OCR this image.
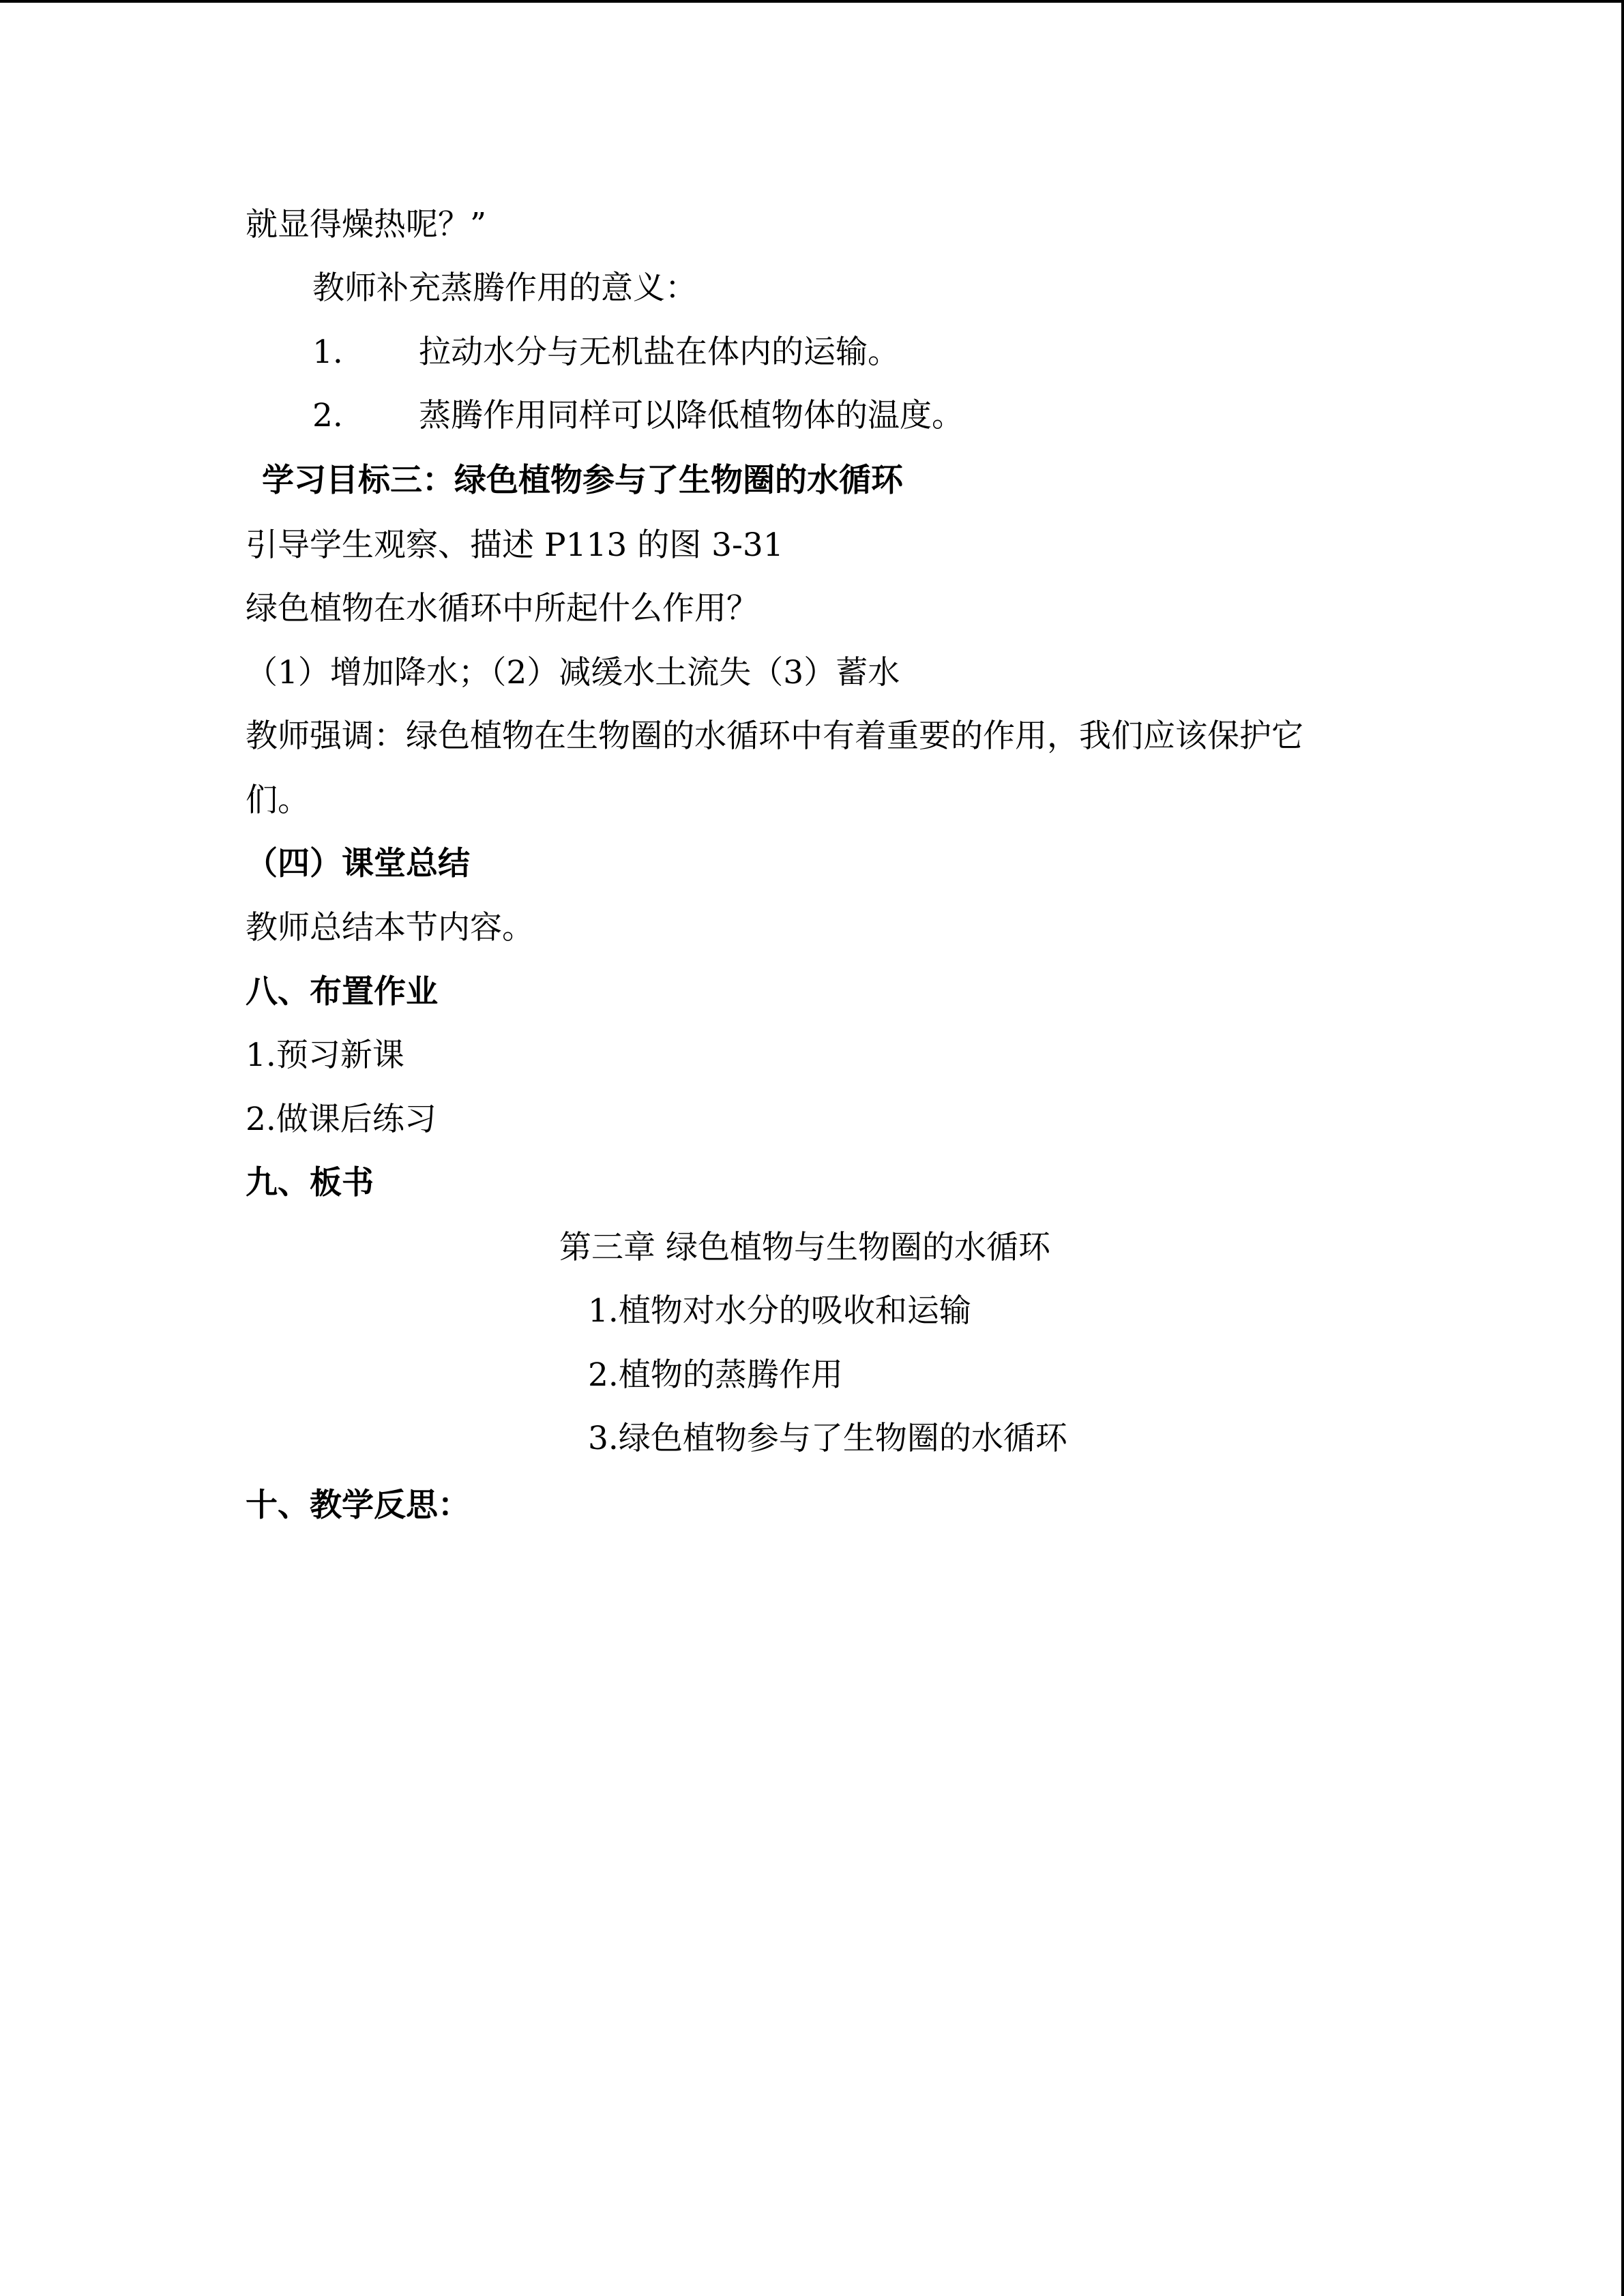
就显得燥热呢？”
教师补充蒸腾作用的意义：
1. 拉动水分与无机盐在体内的运输。
2. 蒸腾作用同样可以降低植物体的温度。
学习目标三：绿色植物参与了生物圈的水循环
引导学生观察、描述 P113 的图 3-31
绿色植物在水循环中所起什么作用？
（1）增加降水；（2）减缓水土流失（3）蓄水
教师强调：绿色植物在生物圈的水循环中有着重要的作用，我们应该保护它
们。
（四）课堂总结
教师总结本节内容。
八、布置作业
1.预习新课
2.做课后练习
九、板书
第三章 绿色植物与生物圈的水循环
1.植物对水分的吸收和运输
2.植物的蒸腾作用
3.绿色植物参与了生物圈的水循环
十、教学反思：
